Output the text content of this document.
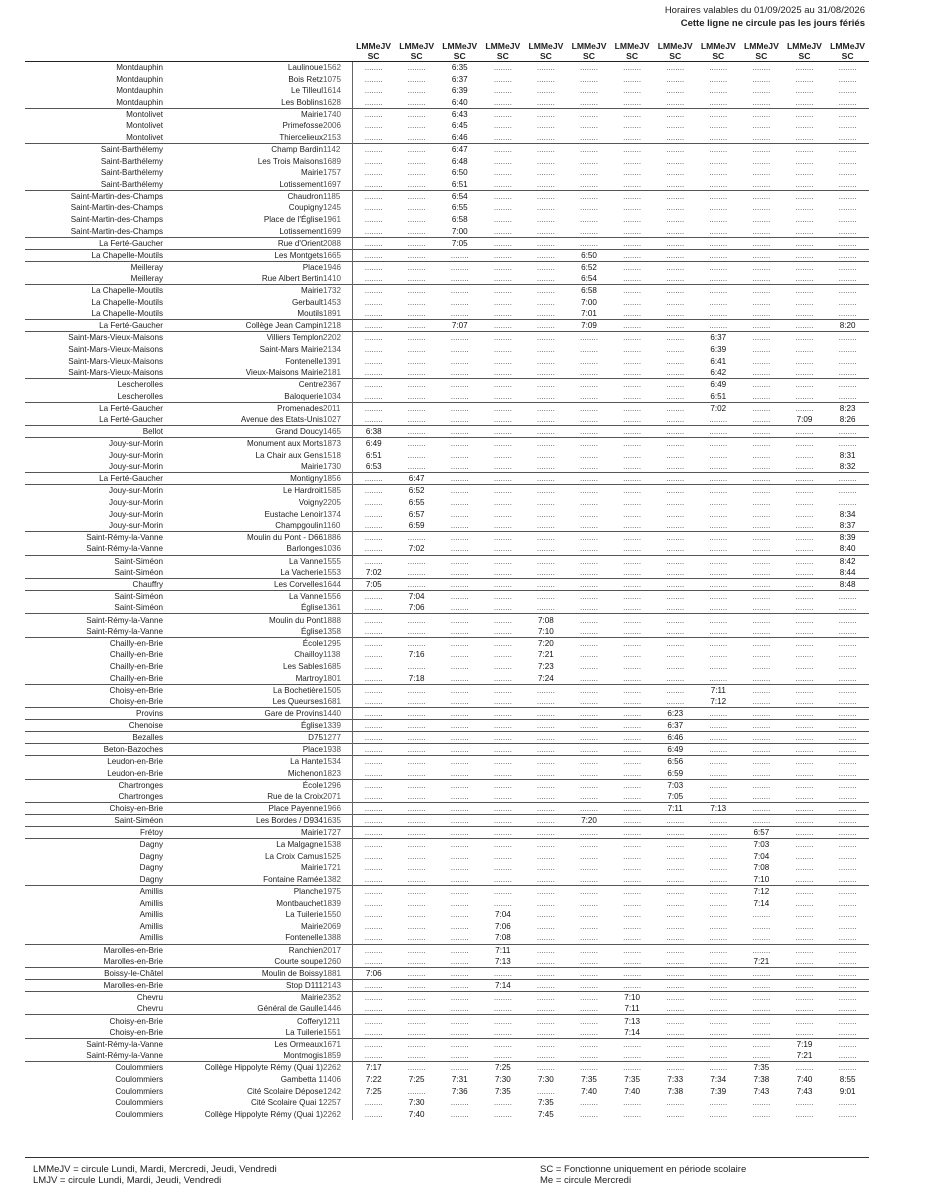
Horaires valables du 01/09/2025 au 31/08/2026
Cette ligne ne circule pas les jours fériés
			LMMeJV	LMMeJV	LMMeJV	LMMeJV	LMMeJV	LMMeJV	LMMeJV	LMMeJV	LMMeJV	LMMeJV	LMMeJV	LMMeJV
			SC	SC	SC	SC	SC	SC	SC	SC	SC	SC	SC	SC
Montdauphin	Laulinoue	1562	........	........	6:35	........	........	........	........	........	........	........	........	........
Montdauphin	Bois Retz	1075	........	........	6:37	........	........	........	........	........	........	........	........	........
Montdauphin	Le Tilleul	1614	........	........	6:39	........	........	........	........	........	........	........	........	........
Montdauphin	Les Boblins	1628	........	........	6:40	........	........	........	........	........	........	........	........	........
Montolivet	Mairie	1740	........	........	6:43	........	........	........	........	........	........	........	........	........
Montolivet	Primefosse	2006	........	........	6:45	........	........	........	........	........	........	........	........	........
Montolivet	Thiercelieux	2153	........	........	6:46	........	........	........	........	........	........	........	........	........
Saint-Barthélemy	Champ Bardin	1142	........	........	6:47	........	........	........	........	........	........	........	........	........
Saint-Barthélemy	Les Trois Maisons	1689	........	........	6:48	........	........	........	........	........	........	........	........	........
Saint-Barthélemy	Mairie	1757	........	........	6:50	........	........	........	........	........	........	........	........	........
Saint-Barthélemy	Lotissement	1697	........	........	6:51	........	........	........	........	........	........	........	........	........
Saint-Martin-des-Champs	Chaudron	1185	........	........	6:54	........	........	........	........	........	........	........	........	........
Saint-Martin-des-Champs	Coupigny	1245	........	........	6:55	........	........	........	........	........	........	........	........	........
Saint-Martin-des-Champs	Place de l'Église	1961	........	........	6:58	........	........	........	........	........	........	........	........	........
Saint-Martin-des-Champs	Lotissement	1699	........	........	7:00	........	........	........	........	........	........	........	........	........
La Ferté-Gaucher	Rue d'Orient	2088	........	........	7:05	........	........	........	........	........	........	........	........	........
La Chapelle-Moutils	Les Montgets	1665	........	........	........	........	........	6:50	........	........	........	........	........	........
Meilleray	Place	1946	........	........	........	........	........	6:52	........	........	........	........	........	........
Meilleray	Rue Albert Bertin	1410	........	........	........	........	........	6:54	........	........	........	........	........	........
La Chapelle-Moutils	Mairie	1732	........	........	........	........	........	6:58	........	........	........	........	........	........
La Chapelle-Moutils	Gerbault	1453	........	........	........	........	........	7:00	........	........	........	........	........	........
La Chapelle-Moutils	Moutils	1891	........	........	........	........	........	7:01	........	........	........	........	........	........
La Ferté-Gaucher	Collège Jean Campin	1218	........	........	7:07	........	........	7:09	........	........	........	........	........	8:20
Saint-Mars-Vieux-Maisons	Villiers Templon	2202	........	........	........	........	........	........	........	........	6:37	........	........	........
Saint-Mars-Vieux-Maisons	Saint-Mars Mairie	2134	........	........	........	........	........	........	........	........	6:39	........	........	........
Saint-Mars-Vieux-Maisons	Fontenelle	1391	........	........	........	........	........	........	........	........	6:41	........	........	........
Saint-Mars-Vieux-Maisons	Vieux-Maisons Mairie	2181	........	........	........	........	........	........	........	........	6:42	........	........	........
Lescherolles	Centre	2367	........	........	........	........	........	........	........	........	6:49	........	........	........
Lescherolles	Baloquerie	1034	........	........	........	........	........	........	........	........	6:51	........	........	........
La Ferté-Gaucher	Promenades	2011	........	........	........	........	........	........	........	........	7:02	........	........	8:23
La Ferté-Gaucher	Avenue des Etats-Unis	1027	........	........	........	........	........	........	........	........	........	........	7:09	8:26
Bellot	Grand Doucy	1465	6:38	........	........	........	........	........	........	........	........	........	........	........
Jouy-sur-Morin	Monument aux Morts	1873	6:49	........	........	........	........	........	........	........	........	........	........	........
Jouy-sur-Morin	La Chair aux Gens	1518	6:51	........	........	........	........	........	........	........	........	........	........	8:31
Jouy-sur-Morin	Mairie	1730	6:53	........	........	........	........	........	........	........	........	........	........	8:32
La Ferté-Gaucher	Montigny	1856	........	6:47	........	........	........	........	........	........	........	........	........	........
Jouy-sur-Morin	Le Hardroit	1585	........	6:52	........	........	........	........	........	........	........	........	........	........
Jouy-sur-Morin	Voigny	2205	........	6:55	........	........	........	........	........	........	........	........	........	........
Jouy-sur-Morin	Eustache Lenoir	1374	........	6:57	........	........	........	........	........	........	........	........	........	8:34
Jouy-sur-Morin	Champgoulin	1160	........	6:59	........	........	........	........	........	........	........	........	........	8:37
Saint-Rémy-la-Vanne	Moulin du Pont - D66	1886	........	........	........	........	........	........	........	........	........	........	........	8:39
Saint-Rémy-la-Vanne	Barlonges	1036	........	7:02	........	........	........	........	........	........	........	........	........	8:40
Saint-Siméon	La Vanne	1555	........	........	........	........	........	........	........	........	........	........	........	8:42
Saint-Siméon	La Vacherie	1553	7:02	........	........	........	........	........	........	........	........	........	........	8:44
Chauffry	Les Corvelles	1644	7:05	........	........	........	........	........	........	........	........	........	........	8:48
Saint-Siméon	La Vanne	1556	........	7:04	........	........	........	........	........	........	........	........	........	........
Saint-Siméon	Église	1361	........	7:06	........	........	........	........	........	........	........	........	........	........
Saint-Rémy-la-Vanne	Moulin du Pont	1888	........	........	........	........	7:08	........	........	........	........	........	........	........
Saint-Rémy-la-Vanne	Église	1358	........	........	........	........	7:10	........	........	........	........	........	........	........
Chailly-en-Brie	École	1295	........	........	........	........	7:20	........	........	........	........	........	........	........
Chailly-en-Brie	Chailloy	1138	........	7:16	........	........	7:21	........	........	........	........	........	........	........
Chailly-en-Brie	Les Sables	1685	........	........	........	........	7:23	........	........	........	........	........	........	........
Chailly-en-Brie	Martroy	1801	........	7:18	........	........	7:24	........	........	........	........	........	........	........
Choisy-en-Brie	La Bochetière	1505	........	........	........	........	........	........	........	........	7:11	........	........	........
Choisy-en-Brie	Les Queurses	1681	........	........	........	........	........	........	........	........	7:12	........	........	........
Provins	Gare de Provins	1440	........	........	........	........	........	........	........	6:23	........	........	........	........
Chenoise	Église	1339	........	........	........	........	........	........	........	6:37	........	........	........	........
Bezalles	D75	1277	........	........	........	........	........	........	........	6:46	........	........	........	........
Beton-Bazoches	Place	1938	........	........	........	........	........	........	........	6:49	........	........	........	........
Leudon-en-Brie	La Hante	1534	........	........	........	........	........	........	........	6:56	........	........	........	........
Leudon-en-Brie	Michenon	1823	........	........	........	........	........	........	........	6:59	........	........	........	........
Chartronges	École	1296	........	........	........	........	........	........	........	7:03	........	........	........	........
Chartronges	Rue de la Croix	2071	........	........	........	........	........	........	........	7:05	........	........	........	........
Choisy-en-Brie	Place Payenne	1966	........	........	........	........	........	........	........	7:11	7:13	........	........	........
Saint-Siméon	Les Bordes / D934	1635	........	........	........	........	........	7:20	........	........	........	........	........	........
Frétoy	Mairie	1727	........	........	........	........	........	........	........	........	........	6:57	........	........
Dagny	La Malgagne	1538	........	........	........	........	........	........	........	........	........	7:03	........	........
Dagny	La Croix Camus	1525	........	........	........	........	........	........	........	........	........	7:04	........	........
Dagny	Mairie	1721	........	........	........	........	........	........	........	........	........	7:08	........	........
Dagny	Fontaine Ramée	1382	........	........	........	........	........	........	........	........	........	7:10	........	........
Amillis	Planche	1975	........	........	........	........	........	........	........	........	........	7:12	........	........
Amillis	Montbauchet	1839	........	........	........	........	........	........	........	........	........	7:14	........	........
Amillis	La Tuilerie	1550	........	........	........	7:04	........	........	........	........	........	........	........	........
Amillis	Mairie	2069	........	........	........	7:06	........	........	........	........	........	........	........	........
Amillis	Fontenelle	1388	........	........	........	7:08	........	........	........	........	........	........	........	........
Marolles-en-Brie	Ranchien	2017	........	........	........	7:11	........	........	........	........	........	........	........	........
Marolles-en-Brie	Courte soupe	1260	........	........	........	7:13	........	........	........	........	........	7:21	........	........
Boissy-le-Châtel	Moulin de Boissy	1881	7:06	........	........	........	........	........	........	........	........	........	........	........
Marolles-en-Brie	Stop D111	2143	........	........	........	7:14	........	........	........	........	........	........	........	........
Chevru	Mairie	2352	........	........	........	........	........	........	7:10	........	........	........	........	........
Chevru	Général de Gaulle	1446	........	........	........	........	........	........	7:11	........	........	........	........	........
Choisy-en-Brie	Coffery	1211	........	........	........	........	........	........	7:13	........	........	........	........	........
Choisy-en-Brie	La Tuilerie	1551	........	........	........	........	........	........	7:14	........	........	........	........	........
Saint-Rémy-la-Vanne	Les Ormeaux	1671	........	........	........	........	........	........	........	........	........	........	7:19	........
Saint-Rémy-la-Vanne	Montmogis	1859	........	........	........	........	........	........	........	........	........	........	7:21	........
Coulommiers	Collège Hippolyte Rémy (Quai 1)	2262	7:17	........	........	7:25	........	........	........	........	........	7:35	........	........
Coulommiers	Gambetta 1	1406	7:22	7:25	7:31	7:30	7:30	7:35	7:35	7:33	7:34	7:38	7:40	8:55
Coulommiers	Cité Scolaire Dépose	1242	7:25	........	7:36	7:35	........	7:40	7:40	7:38	7:39	7:43	7:43	9:01
Coulommiers	Cité Scolaire Quai 1	2257	........	7:30	........	........	7:35	........	........	........	........	........	........	........
Coulommiers	Collège Hippolyte Rémy (Quai 1)	2262	........	7:40	........	........	7:45	........	........	........	........	........	........	........
LMMeJV = circule Lundi, Mardi, Mercredi, Jeudi, Vendredi	SC = Fonctionne uniquement en période scolaire
LMJV = circule Lundi, Mardi, Jeudi, Vendredi	Me = circule Mercredi
